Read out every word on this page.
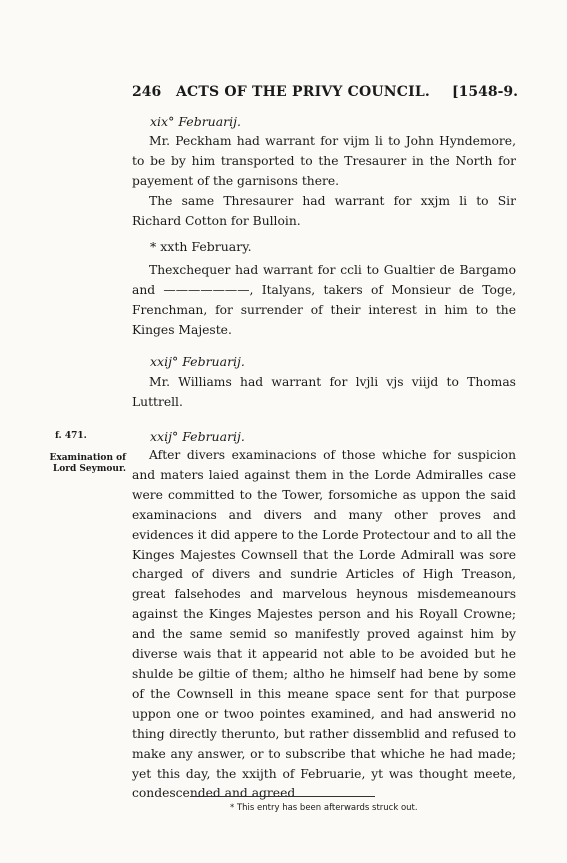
246 ACTS OF THE PRIVY COUNCIL. [1548-9.
xix° Februarij.
Mr. Peckham had warrant for vijm li to John Hyndemore, to be by him transported to the Tresaurer in the North for payement of the garnisons there.
The same Thresaurer had warrant for xxjm li to Sir Richard Cotton for Bulloin.
* xxth February.
Thexchequer had warrant for ccli to Gualtier de Bargamo and ———————, Italyans, takers of Monsieur de Toge, Frenchman, for surrender of their interest in him to the Kinges Majeste.
xxij° Februarij.
Mr. Williams had warrant for lvjli vjs viijd to Thomas Luttrell.
f. 471.	xxij° Februarij.
Examination of Lord Seymour.
After divers examinacions of those whiche for suspicion and maters laied against them in the Lorde Admiralles case were committed to the Tower, forsomiche as uppon the said examinacions and divers and many other proves and evidences it did appere to the Lorde Protectour and to all the Kinges Majestes Cownsell that the Lorde Admirall was sore charged of divers and sundrie Articles of High Treason, great falsehodes and marvelous heynous misdemeanours against the Kinges Majestes person and his Royall Crowne; and the same semid so manifestly proved against him by diverse wais that it appearid not able to be avoided but he shulde be giltie of them; altho he himself had bene by some of the Cownsell in this meane space sent for that purpose uppon one or twoo pointes examined, and had answerid no thing directly therunto, but rather dissemblid and refused to make any answer, or to subscribe that whiche he had made; yet this day, the xxijth of Februarie, yt was thought meete, condescended and agreed
* This entry has been afterwards struck out.
